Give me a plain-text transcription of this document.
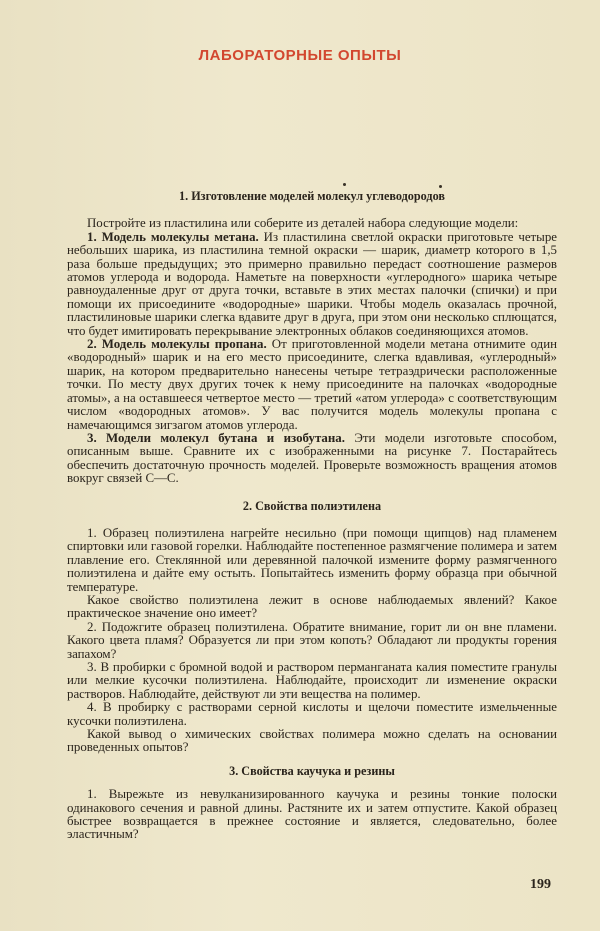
ЛАБОРАТОРНЫЕ ОПЫТЫ
1. Изготовление моделей молекул углеводородов

Постройте из пластилина или соберите из деталей набора следующие модели:

1. Модель молекулы метана. Из пластилина светлой окраски приготовьте четыре небольших шарика, из пластилина темной окраски — шарик, диаметр которого в 1,5 раза больше предыдущих; это примерно правильно передаст соотношение размеров атомов углерода и водорода. Наметьте на поверхности «углеродного» шарика четыре равноудаленные друг от друга точки, вставьте в этих местах палочки (спички) и при помощи их присоедините «водородные» шарики. Чтобы модель оказалась прочной, пластилиновые шарики слегка вдавите друг в друга, при этом они несколько сплющатся, что будет имитировать перекрывание электронных облаков соединяющихся атомов.

2. Модель молекулы пропана. От приготовленной модели метана отнимите один «водородный» шарик и на его место присоедините, слегка вдавливая, «углеродный» шарик, на котором предварительно нанесены четыре тетраэдрически расположенные точки. По месту двух других точек к нему присоедините на палочках «водородные атомы», а на оставшееся четвертое место — третий «атом углерода» с соответствующим числом «водородных атомов». У вас получится модель молекулы пропана с намечающимся зигзагом атомов углерода.

3. Модели молекул бутана и изобутана. Эти модели изготовьте способом, описанным выше. Сравните их с изображенными на рисунке 7. Постарайтесь обеспечить достаточную прочность моделей. Проверьте возможность вращения атомов вокруг связей С—С.

2. Свойства полиэтилена

1. Образец полиэтилена нагрейте несильно (при помощи щипцов) над пламенем спиртовки или газовой горелки. Наблюдайте постепенное размягчение полимера и затем плавление его. Стеклянной или деревянной палочкой измените форму размягченного полиэтилена и дайте ему остыть. Попытайтесь изменить форму образца при обычной температуре.

Какое свойство полиэтилена лежит в основе наблюдаемых явлений? Какое практическое значение оно имеет?

2. Подожгите образец полиэтилена. Обратите внимание, горит ли он вне пламени. Какого цвета пламя? Образуется ли при этом копоть? Обладают ли продукты горения запахом?

3. В пробирки с бромной водой и раствором перманганата калия поместите гранулы или мелкие кусочки полиэтилена. Наблюдайте, происходит ли изменение окраски растворов. Наблюдайте, действуют ли эти вещества на полимер.

4. В пробирку с растворами серной кислоты и щелочи поместите измельченные кусочки полиэтилена.

Какой вывод о химических свойствах полимера можно сделать на основании проведенных опытов?

3. Свойства каучука и резины

1. Вырежьте из невулканизированного каучука и резины тонкие полоски одинакового сечения и равной длины. Растяните их и затем отпустите. Какой образец быстрее возвращается в прежнее состояние и является, следовательно, более эластичным?

199
